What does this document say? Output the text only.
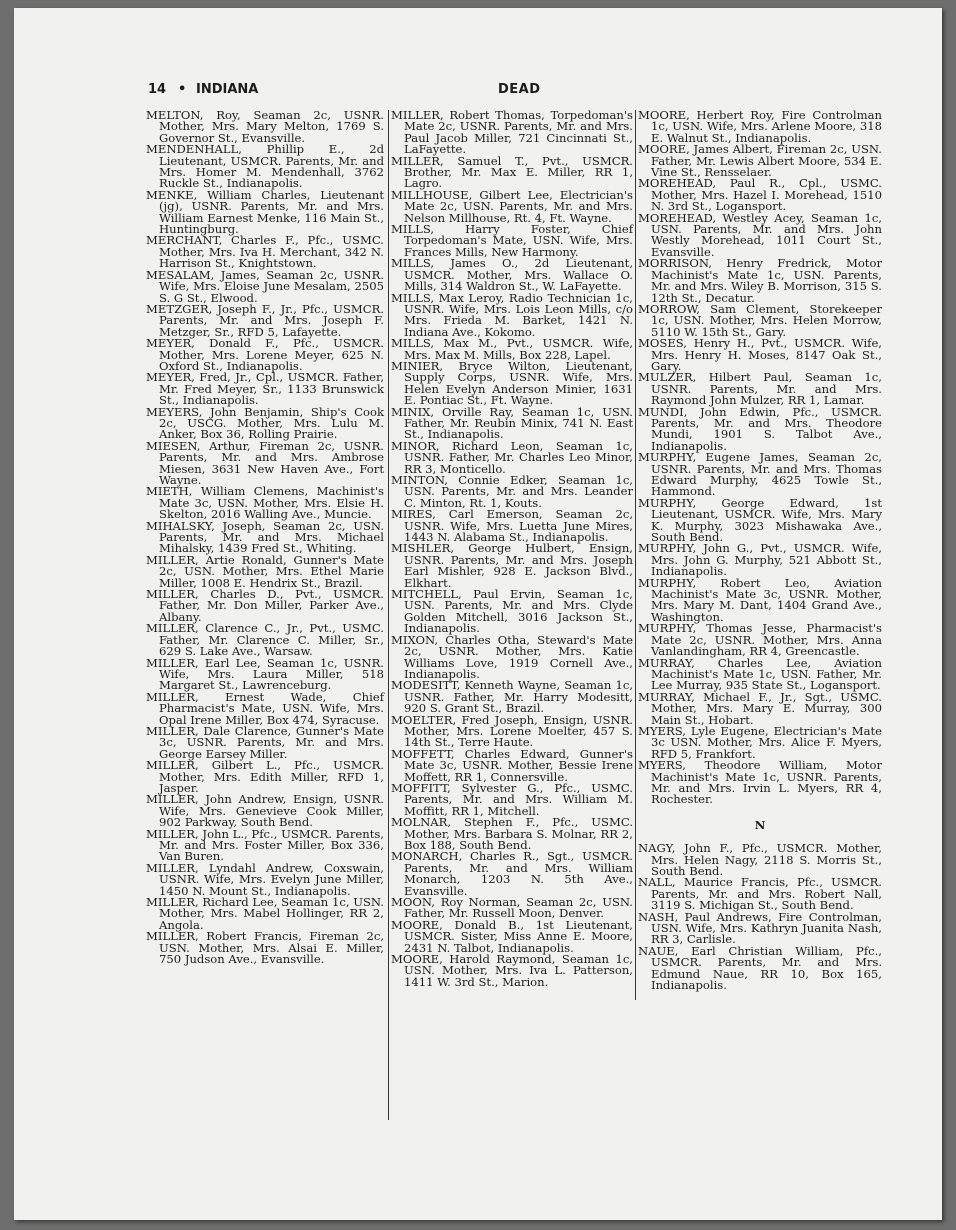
14 • INDIANA	DEAD

MELTON, Roy, Seaman 2c, USNR. Mother, Mrs. Mary Melton, 1769 S. Governor St., Evansville.

MENDENHALL, Phillip E., 2d Lieutenant, USMCR. Parents, Mr. and Mrs. Homer M. Mendenhall, 3762 Ruckle St., Indianapolis.

MENKE, William Charles, Lieutenant (jg), USNR. Parents, Mr. and Mrs. William Earnest Menke, 116 Main St., Huntingburg.

MERCHANT, Charles F., Pfc., USMC. Mother, Mrs. Iva H. Merchant, 342 N. Harrison St., Knightstown.

MESALAM, James, Seaman 2c, USNR. Wife, Mrs. Eloise June Mesalam, 2505 S. G St., Elwood.

METZGER, Joseph F., Jr., Pfc., USMCR. Parents, Mr. and Mrs. Joseph F. Metzger, Sr., RFD 5, Lafayette.

MEYER, Donald F., Pfc., USMCR. Mother, Mrs. Lorene Meyer, 625 N. Oxford St., Indianapolis.

MEYER, Fred, Jr., Cpl., USMCR. Father, Mr. Fred Meyer, Sr., 1133 Brunswick St., Indianapolis.

MEYERS, John Benjamin, Ship's Cook 2c, USCG. Mother, Mrs. Lulu M. Anker, Box 36, Rolling Prairie.

MIESEN, Arthur, Fireman 2c, USNR. Parents, Mr. and Mrs. Ambrose Miesen, 3631 New Haven Ave., Fort Wayne.

MIETH, William Clemens, Machinist's Mate 3c, USN. Mother, Mrs. Elsie H. Skelton, 2016 Walling Ave., Muncie.

MIHALSKY, Joseph, Seaman 2c, USN. Parents, Mr. and Mrs. Michael Mihalsky, 1439 Fred St., Whiting.

MILLER, Artie Ronald, Gunner's Mate 2c, USN. Mother, Mrs. Ethel Marie Miller, 1008 E. Hendrix St., Brazil.

MILLER, Charles D., Pvt., USMCR. Father, Mr. Don Miller, Parker Ave., Albany.

MILLER, Clarence C., Jr., Pvt., USMC. Father, Mr. Clarence C. Miller, Sr., 629 S. Lake Ave., Warsaw.

MILLER, Earl Lee, Seaman 1c, USNR. Wife, Mrs. Laura Miller, 518 Margaret St., Lawrenceburg.

MILLER, Ernest Wade, Chief Pharmacist's Mate, USN. Wife, Mrs. Opal Irene Miller, Box 474, Syracuse.

MILLER, Dale Clarence, Gunner's Mate 3c, USNR. Parents, Mr. and Mrs. George Earsey Miller.

MILLER, Gilbert L., Pfc., USMCR. Mother, Mrs. Edith Miller, RFD 1, Jasper.

MILLER, John Andrew, Ensign, USNR. Wife, Mrs. Genevieve Cook Miller, 902 Parkway, South Bend.

MILLER, John L., Pfc., USMCR. Parents, Mr. and Mrs. Foster Miller, Box 336, Van Buren.

MILLER, Lyndahl Andrew, Coxswain, USNR. Wife, Mrs. Evelyn June Miller, 1450 N. Mount St., Indianapolis.

MILLER, Richard Lee, Seaman 1c, USN. Mother, Mrs. Mabel Hollinger, RR 2, Angola.

MILLER, Robert Francis, Fireman 2c, USN. Mother, Mrs. Alsai E. Miller, 750 Judson Ave., Evansville.

MILLER, Robert Thomas, Torpedoman's Mate 2c, USNR. Parents, Mr. and Mrs. Paul Jacob Miller, 721 Cincinnati St., LaFayette.

MILLER, Samuel T., Pvt., USMCR. Brother, Mr. Max E. Miller, RR 1, Lagro.

MILLHOUSE, Gilbert Lee, Electrician's Mate 2c, USN. Parents, Mr. and Mrs. Nelson Millhouse, Rt. 4, Ft. Wayne.

MILLS, Harry Foster, Chief Torpedoman's Mate, USN. Wife, Mrs. Frances Mills, New Harmony.

MILLS, James O., 2d Lieutenant, USMCR. Mother, Mrs. Wallace O. Mills, 314 Waldron St., W. LaFayette.

MILLS, Max Leroy, Radio Technician 1c, USNR. Wife, Mrs. Lois Leon Mills, c/o Mrs. Frieda M. Barket, 1421 N. Indiana Ave., Kokomo.

MILLS, Max M., Pvt., USMCR. Wife, Mrs. Max M. Mills, Box 228, Lapel.

MINIER, Bryce Wilton, Lieutenant, Supply Corps, USNR. Wife, Mrs. Helen Evelyn Anderson Minier, 1631 E. Pontiac St., Ft. Wayne.

MINIX, Orville Ray, Seaman 1c, USN. Father, Mr. Reubin Minix, 741 N. East St., Indianapolis.

MINOR, Richard Leon, Seaman 1c, USNR. Father, Mr. Charles Leo Minor, RR 3, Monticello.

MINTON, Connie Edker, Seaman 1c, USN. Parents, Mr. and Mrs. Leander C. Minton, Rt. 1, Kouts.

MIRES, Carl Emerson, Seaman 2c, USNR. Wife, Mrs. Luetta June Mires, 1443 N. Alabama St., Indianapolis.

MISHLER, George Hulbert, Ensign, USNR. Parents, Mr. and Mrs. Joseph Earl Mishler, 928 E. Jackson Blvd., Elkhart.

MITCHELL, Paul Ervin, Seaman 1c, USN. Parents, Mr. and Mrs. Clyde Golden Mitchell, 3016 Jackson St., Indianapolis.

MIXON, Charles Otha, Steward's Mate 2c, USNR. Mother, Mrs. Katie Williams Love, 1919 Cornell Ave., Indianapolis.

MODESITT, Kenneth Wayne, Seaman 1c, USNR. Father, Mr. Harry Modesitt, 920 S. Grant St., Brazil.

MOELTER, Fred Joseph, Ensign, USNR. Mother, Mrs. Lorene Moelter, 457 S. 14th St., Terre Haute.

MOFFETT, Charles Edward, Gunner's Mate 3c, USNR. Mother, Bessie Irene Moffett, RR 1, Connersville.

MOFFITT, Sylvester G., Pfc., USMC. Parents, Mr. and Mrs. William M. Moffitt, RR 1, Mitchell.

MOLNAR, Stephen F., Pfc., USMC. Mother, Mrs. Barbara S. Molnar, RR 2, Box 188, South Bend.

MONARCH, Charles R., Sgt., USMCR. Parents, Mr. and Mrs. William Monarch, 1203 N. 5th Ave., Evansville.

MOON, Roy Norman, Seaman 2c, USN. Father, Mr. Russell Moon, Denver.

MOORE, Donald B., 1st Lieutenant, USMCR. Sister, Miss Anne E. Moore, 2431 N. Talbot, Indianapolis.

MOORE, Harold Raymond, Seaman 1c, USN. Mother, Mrs. Iva L. Patterson, 1411 W. 3rd St., Marion.

MOORE, Herbert Roy, Fire Controlman 1c, USN. Wife, Mrs. Arlene Moore, 318 E. Walnut St., Indianapolis.

MOORE, James Albert, Fireman 2c, USN. Father, Mr. Lewis Albert Moore, 534 E. Vine St., Rensselaer.

MOREHEAD, Paul R., Cpl., USMC. Mother, Mrs. Hazel I. Morehead, 1510 N. 3rd St., Logansport.

MOREHEAD, Westley Acey, Seaman 1c, USN. Parents, Mr. and Mrs. John Westly Morehead, 1011 Court St., Evansville.

MORRISON, Henry Fredrick, Motor Machinist's Mate 1c, USN. Parents, Mr. and Mrs. Wiley B. Morrison, 315 S. 12th St., Decatur.

MORROW, Sam Clement, Storekeeper 1c, USN. Mother, Mrs. Helen Morrow, 5110 W. 15th St., Gary.

MOSES, Henry H., Pvt., USMCR. Wife, Mrs. Henry H. Moses, 8147 Oak St., Gary.

MULZER, Hilbert Paul, Seaman 1c, USNR. Parents, Mr. and Mrs. Raymond John Mulzer, RR 1, Lamar.

MUNDI, John Edwin, Pfc., USMCR. Parents, Mr. and Mrs. Theodore Mundi, 1901 S. Talbot Ave., Indianapolis.

MURPHY, Eugene James, Seaman 2c, USNR. Parents, Mr. and Mrs. Thomas Edward Murphy, 4625 Towle St., Hammond.

MURPHY, George Edward, 1st Lieutenant, USMCR. Wife, Mrs. Mary K. Murphy, 3023 Mishawaka Ave., South Bend.

MURPHY, John G., Pvt., USMCR. Wife, Mrs. John G. Murphy, 521 Abbott St., Indianapolis.

MURPHY, Robert Leo, Aviation Machinist's Mate 3c, USNR. Mother, Mrs. Mary M. Dant, 1404 Grand Ave., Washington.

MURPHY, Thomas Jesse, Pharmacist's Mate 2c, USNR. Mother, Mrs. Anna Vanlandingham, RR 4, Greencastle.

MURRAY, Charles Lee, Aviation Machinist's Mate 1c, USN. Father, Mr. Lee Murray, 935 State St., Logansport.

MURRAY, Michael F., Jr., Sgt., USMC. Mother, Mrs. Mary E. Murray, 300 Main St., Hobart.

MYERS, Lyle Eugene, Electrician's Mate 3c USN. Mother, Mrs. Alice F. Myers, RFD 5, Frankfort.

MYERS, Theodore William, Motor Machinist's Mate 1c, USNR. Parents, Mr. and Mrs. Irvin L. Myers, RR 4, Rochester.

N

NAGY, John F., Pfc., USMCR. Mother, Mrs. Helen Nagy, 2118 S. Morris St., South Bend.

NALL, Maurice Francis, Pfc., USMCR. Parents, Mr. and Mrs. Robert Nall, 3119 S. Michigan St., South Bend.

NASH, Paul Andrews, Fire Controlman, USN. Wife, Mrs. Kathryn Juanita Nash, RR 3, Carlisle.

NAUE, Earl Christian William, Pfc., USMCR. Parents, Mr. and Mrs. Edmund Naue, RR 10, Box 165, Indianapolis.
